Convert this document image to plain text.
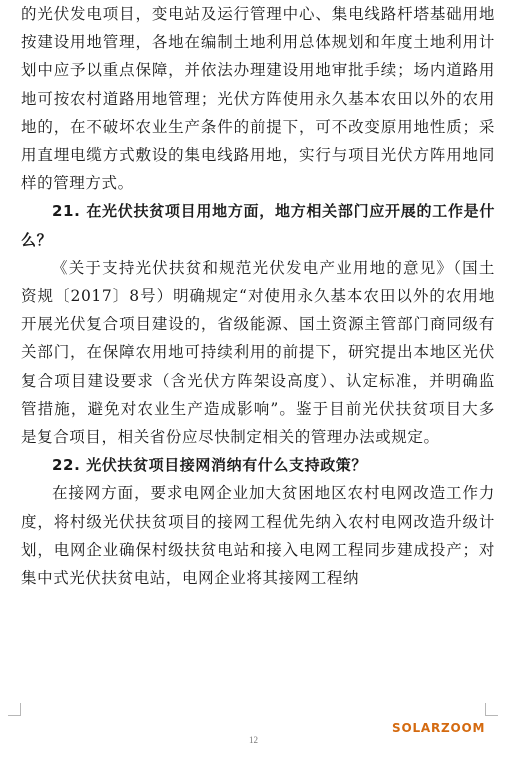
的光伏发电项目，变电站及运行管理中心、集电线路杆塔基础用地按建设用地管理，各地在编制土地利用总体规划和年度土地利用计划中应予以重点保障，并依法办理建设用地审批手续；场内道路用地可按农村道路用地管理；光伏方阵使用永久基本农田以外的农用地的，在不破坏农业生产条件的前提下，可不改变原用地性质；采用直埋电缆方式敷设的集电线路用地，实行与项目光伏方阵用地同样的管理方式。

21. 在光伏扶贫项目用地方面，地方相关部门应开展的工作是什么？

《关于支持光伏扶贫和规范光伏发电产业用地的意见》（国土资规〔2017〕8号）明确规定“对使用永久基本农田以外的农用地开展光伏复合项目建设的，省级能源、国土资源主管部门商同级有关部门，在保障农用地可持续利用的前提下，研究提出本地区光伏复合项目建设要求（含光伏方阵架设高度）、认定标准，并明确监管措施，避免对农业生产造成影响”。鉴于目前光伏扶贫项目大多是复合项目，相关省份应尽快制定相关的管理办法或规定。

22. 光伏扶贫项目接网消纳有什么支持政策？

在接网方面，要求电网企业加大贫困地区农村电网改造工作力度，将村级光伏扶贫项目的接网工程优先纳入农村电网改造升级计划，电网企业确保村级扶贫电站和接入电网工程同步建成投产；对集中式光伏扶贫电站，电网企业将其接网工程纳

SOLARZOOM
12
